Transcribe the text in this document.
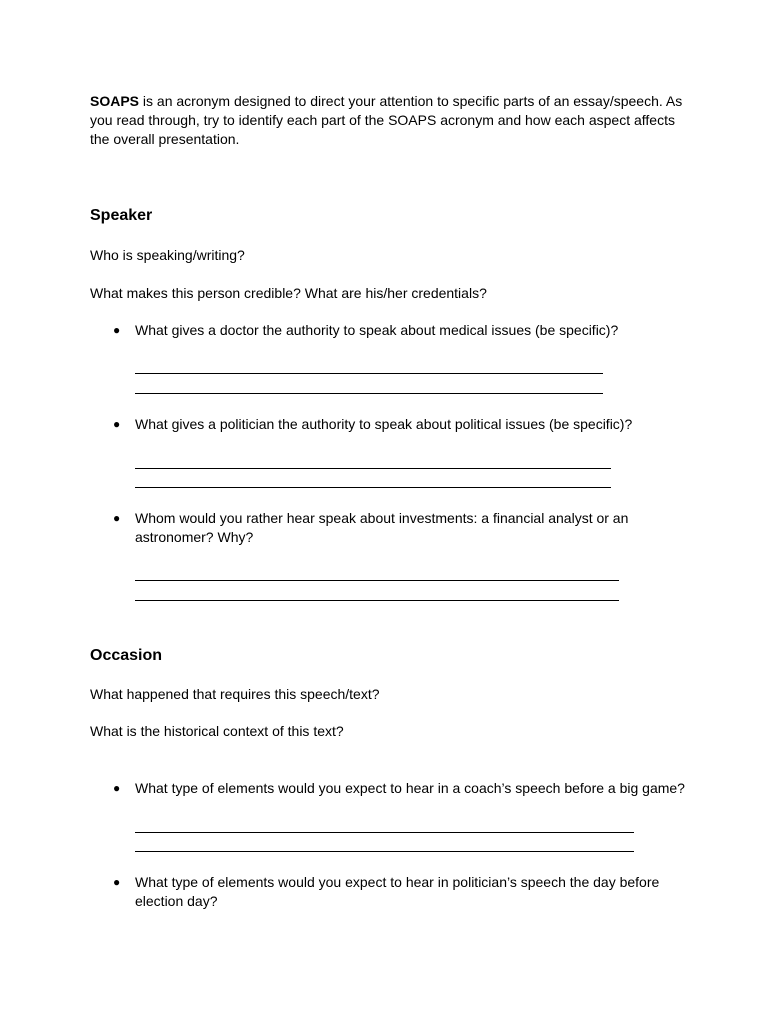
SOAPS is an acronym designed to direct your attention to specific parts of an essay/speech. As
you read through, try to identify each part of the SOAPS acronym and how each aspect affects
the overall presentation.
Speaker
Who is speaking/writing?
What makes this person credible? What are his/her credentials?
● What gives a doctor the authority to speak about medical issues (be specific)?
● What gives a politician the authority to speak about political issues (be specific)?
● Whom would you rather hear speak about investments: a financial analyst or an
astronomer? Why?
Occasion
What happened that requires this speech/text?
What is the historical context of this text?
● What type of elements would you expect to hear in a coach’s speech before a big game?
● What type of elements would you expect to hear in politician’s speech the day before
election day?
